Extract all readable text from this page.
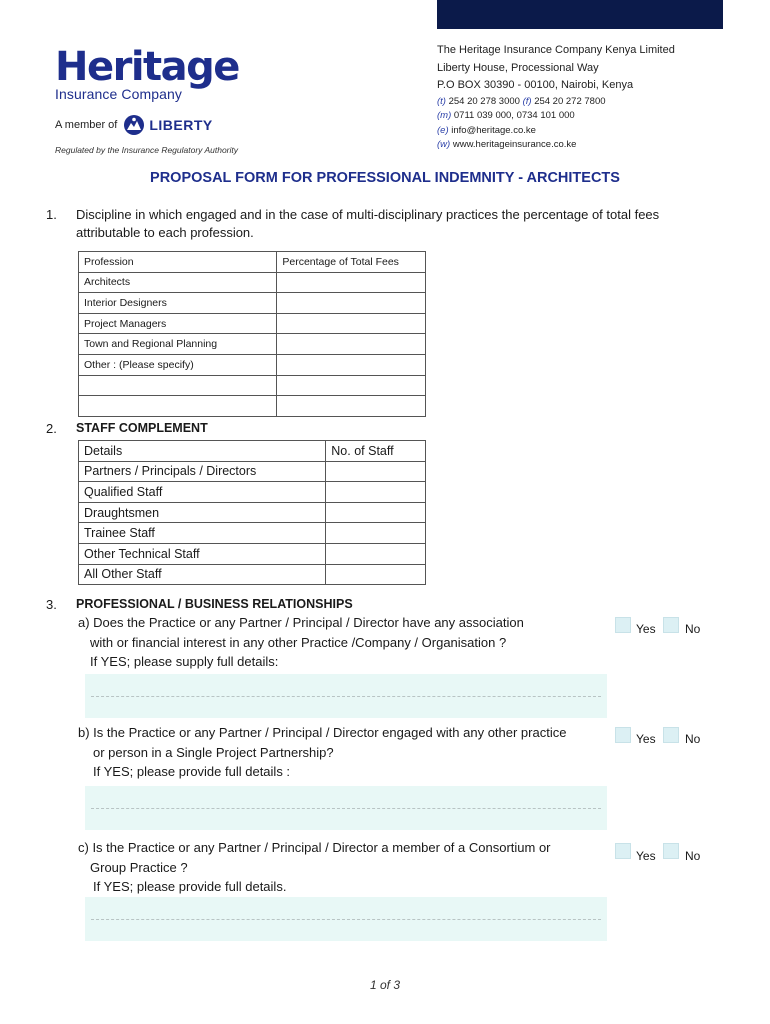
Heritage
Insurance Company
A member of LIBERTY
Regulated by the Insurance Regulatory Authority
The Heritage Insurance Company Kenya Limited
Liberty House, Processional Way
P.O BOX 30390 - 00100, Nairobi, Kenya
(t) 254 20 278 3000 (f) 254 20 272 7800
(m) 0711 039 000, 0734 101 000
(e) info@heritage.co.ke
(w) www.heritageinsurance.co.ke
PROPOSAL FORM FOR PROFESSIONAL INDEMNITY - ARCHITECTS
1. Discipline in which engaged and in the case of multi-disciplinary practices the percentage of total fees
attributable to each profession.
Profession	Percentage of Total Fees
Architects	
Interior Designers	
Project Managers	
Town and Regional Planning	
Other : (Please specify)	

2. STAFF COMPLEMENT
Details	No. of Staff
Partners / Principals / Directors	
Qualified Staff	
Draughtsmen	
Trainee Staff	
Other Technical Staff	
All Other Staff	
3. PROFESSIONAL / BUSINESS RELATIONSHIPS
a) Does the Practice or any Partner / Principal / Director have any association
with or financial interest in any other Practice /Company / Organisation ?
If YES; please supply full details:
Yes No
b) Is the Practice or any Partner / Principal / Director engaged with any other practice
or person in a Single Project Partnership?
If YES; please provide full details :
Yes No
c) Is the Practice or any Partner / Principal / Director a member of a Consortium or
Group Practice ?
If YES; please provide full details.
Yes No
1 of 3
